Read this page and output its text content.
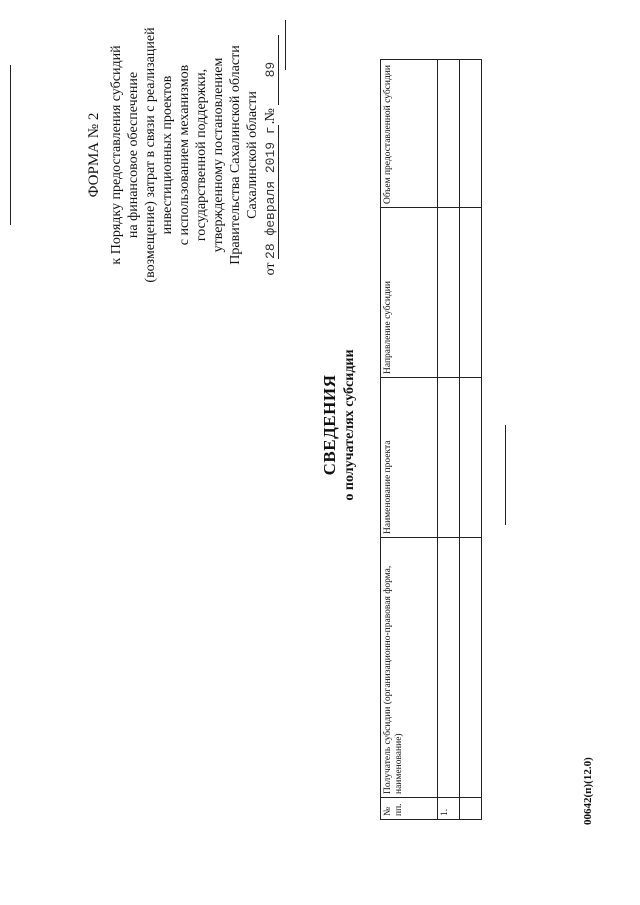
ФОРМА № 2 к Порядку предоставления субсидий на финансовое обеспечение (возмещение) затрат в связи с реализацией инвестиционных проектов с использованием механизмов государственной поддержки, утвержденному постановлением Правительства Сахалинской области Сахалинской области
от 28 февраля 2019 г. № 89
СВЕДЕНИЯ о получателях субсидии
№ пп.	Получатель субсидии (организационно-правовая форма, наименование)	Наименование проекта	Направление субсидии	Объем предоставленной субсидии
1.				
					00642(п)(12.0)
